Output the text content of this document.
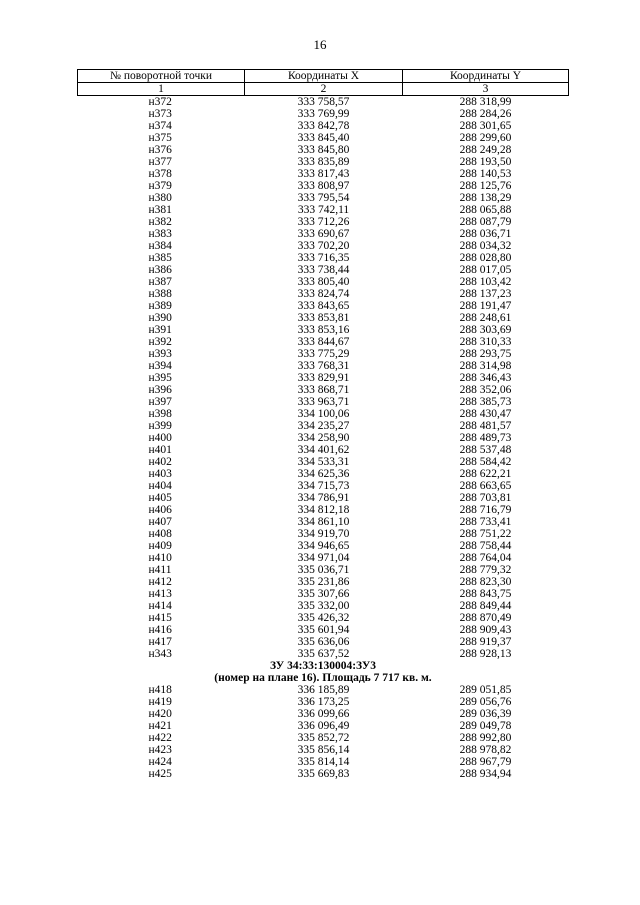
16
№ поворотной точки	Координаты X	Координаты Y
1	2	3
н372	333 758,57	288 318,99
н373	333 769,99	288 284,26
н374	333 842,78	288 301,65
н375	333 845,40	288 299,60
н376	333 845,80	288 249,28
н377	333 835,89	288 193,50
н378	333 817,43	288 140,53
н379	333 808,97	288 125,76
н380	333 795,54	288 138,29
н381	333 742,11	288 065,88
н382	333 712,26	288 087,79
н383	333 690,67	288 036,71
н384	333 702,20	288 034,32
н385	333 716,35	288 028,80
н386	333 738,44	288 017,05
н387	333 805,40	288 103,42
н388	333 824,74	288 137,23
н389	333 843,65	288 191,47
н390	333 853,81	288 248,61
н391	333 853,16	288 303,69
н392	333 844,67	288 310,33
н393	333 775,29	288 293,75
н394	333 768,31	288 314,98
н395	333 829,91	288 346,43
н396	333 868,71	288 352,06
н397	333 963,71	288 385,73
н398	334 100,06	288 430,47
н399	334 235,27	288 481,57
н400	334 258,90	288 489,73
н401	334 401,62	288 537,48
н402	334 533,31	288 584,42
н403	334 625,36	288 622,21
н404	334 715,73	288 663,65
н405	334 786,91	288 703,81
н406	334 812,18	288 716,79
н407	334 861,10	288 733,41
н408	334 919,70	288 751,22
н409	334 946,65	288 758,44
н410	334 971,04	288 764,04
н411	335 036,71	288 779,32
н412	335 231,86	288 823,30
н413	335 307,66	288 843,75
н414	335 332,00	288 849,44
н415	335 426,32	288 870,49
н416	335 601,94	288 909,43
н417	335 636,06	288 919,37
н343	335 637,52	288 928,13
ЗУ 34:33:130004:ЗУ3		
(номер на плане 16). Площадь 7 717 кв. м.		
н418	336 185,89	289 051,85
н419	336 173,25	289 056,76
н420	336 099,66	289 036,39
н421	336 096,49	289 049,78
н422	335 852,72	288 992,80
н423	335 856,14	288 978,82
н424	335 814,14	288 967,79
н425	335 669,83	288 934,94
